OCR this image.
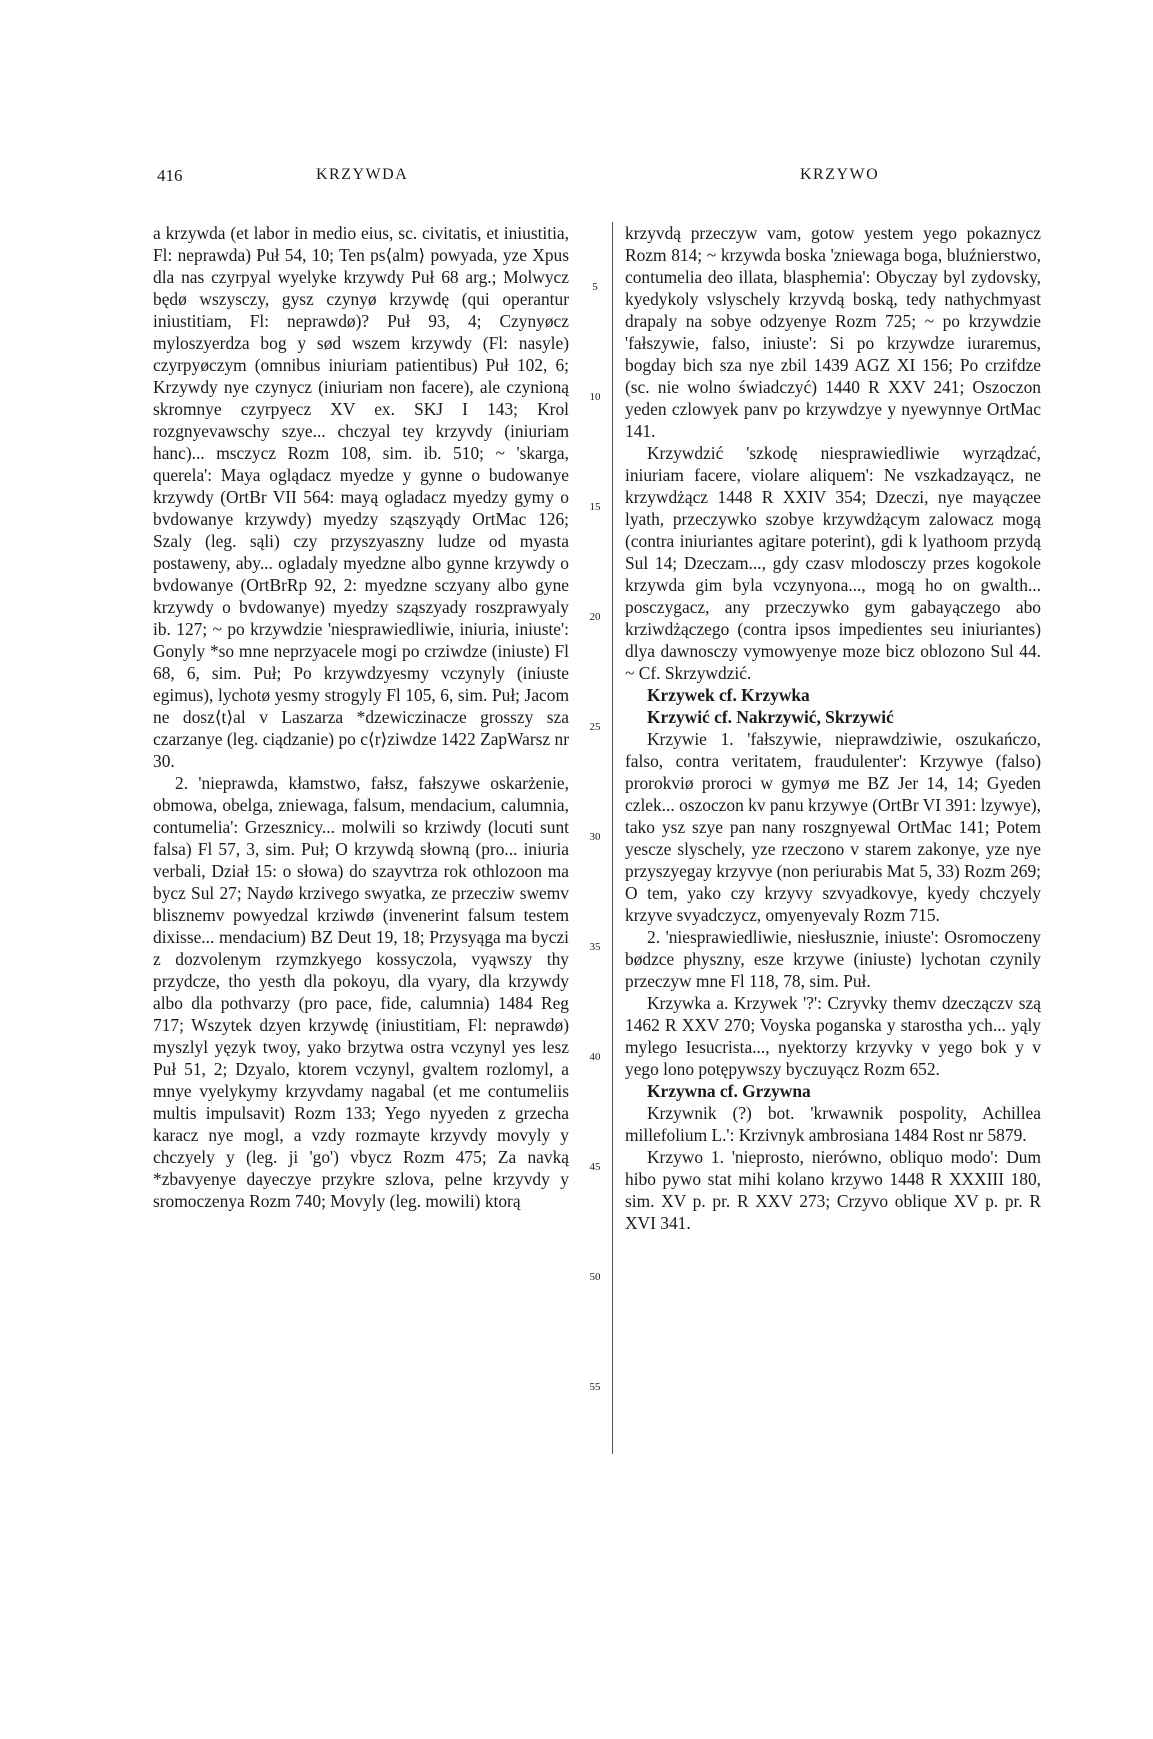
416	KRZYWDA	KRZYWO

a krzywda (et labor in medio eius, sc. civitatis, et iniustitia, Fl: neprawda) Puł 54, 10; Ten ps⟨alm⟩ powyada, yze Xpus dla nas czyrpyal wyelyke krzywdy Puł 68 arg.; Molwycz będø wszysczy, gysz czynyø krzywdę (qui operantur iniustitiam, Fl: neprawdø)? Puł 93, 4; Czynyøcz myloszyerdza bog y sød wszem krzywdy (Fl: nasyle) czyrpyøczym (omnibus iniuriam patientibus) Puł 102, 6; Krzywdy nye czynycz (iniuriam non facere), ale czynioną skromnye czyrpyecz XV ex. SKJ I 143; Krol rozgnyevawschy szye... chczyal tey krzyvdy (iniuriam hanc)... msczycz Rozm 108, sim. ib. 510; ~ 'skarga, querela': Maya oglądacz myedze y gynne o budowanye krzywdy (OrtBr VII 564: mayą ogladacz myedzy gymy o bvdowanye krzywdy) myedzy sząszyądy OrtMac 126; Szaly (leg. sąli) czy przyszyaszny ludze od myasta postaweny, aby... ogladaly myedzne albo gynne krzywdy o bvdowanye (OrtBrRp 92, 2: myedzne sczyany albo gyne krzywdy o bvdowanye) myedzy sząszyady roszprawyaly ib. 127; ~ po krzywdzie 'niesprawiedliwie, iniuria, iniuste': Gonyly *so mne neprzyacele mogi po crziwdze (iniuste) Fl 68, 6, sim. Puł; Po krzywdzyesmy vczynyly (iniuste egimus), lychotø yesmy strogyly Fl 105, 6, sim. Puł; Jacom ne dosz⟨t⟩al v Laszarza *dzewiczinacze grosszy sza czarzanye (leg. ciądzanie) po c⟨r⟩ziwdze 1422 ZapWarsz nr 30.

2. 'nieprawda, kłamstwo, fałsz, fałszywe oskarżenie, obmowa, obelga, zniewaga, falsum, mendacium, calumnia, contumelia': Grzesznicy... molwili so krziwdy (locuti sunt falsa) Fl 57, 3, sim. Puł; O krzywdą słowną (pro... iniuria verbali, Dział 15: o słowa) do szayvtrza rok othlozoon ma bycz Sul 27; Naydø krzivego swyatka, ze przecziw swemv blisznemv powyedzal krziwdø (invenerint falsum testem dixisse... mendacium) BZ Deut 19, 18; Przysyąga ma byczi z dozvolenym rzymzkyego kossyczola, vyąwszy thy przydcze, tho yesth dla pokoyu, dla vyary, dla krzywdy albo dla pothvarzy (pro pace, fide, calumnia) 1484 Reg 717; Wszytek dzyen krzywdę (iniustitiam, Fl: neprawdø) myszlyl yęzyk twoy, yako brzytwa ostra vczynyl yes lesz Puł 51, 2; Dzyalo, ktorem vczynyl, gvaltem rozlomyl, a mnye vyelykymy krzyvdamy nagabal (et me contumeliis multis impulsavit) Rozm 133; Yego nyyeden z grzecha karacz nye mogl, a vzdy rozmayte krzyvdy movyly y chczyely y (leg. ji 'go') vbycz Rozm 475; Za navką *zbavyenye dayeczye przykre szlova, pelne krzyvdy y sromoczenya Rozm 740; Movyly (leg. mowili) ktorą

5
10
15
20
25
30
35
40
45
50
55

krzyvdą przeczyw vam, gotow yestem yego pokaznycz Rozm 814; ~ krzywda boska 'zniewaga boga, bluźnierstwo, contumelia deo illata, blasphemia': Obyczay byl zydovsky, kyedykoly vslyschely krzyvdą boską, tedy nathychmyast drapaly na sobye odzyenye Rozm 725; ~ po krzywdzie 'fałszywie, falso, iniuste': Si po krzywdze iuraremus, bogday bich sza nye zbil 1439 AGZ XI 156; Po crzifdze (sc. nie wolno świadczyć) 1440 R XXV 241; Oszoczon yeden czlowyek panv po krzywdzye y nyewynnye OrtMac 141.

Krzywdzić 'szkodę niesprawiedliwie wyrządzać, iniuriam facere, violare aliquem': Ne vszkadzayącz, ne krzywdżącz 1448 R XXIV 354; Dzeczi, nye mayączee lyath, przeczywko szobye krzywdżącym zalowacz mogą (contra iniuriantes agitare poterint), gdi k lyathoom przydą Sul 14; Dzeczam..., gdy czasv mlodosczy przes kogokole krzywda gim byla vczynyona..., mogą ho on gwalth... posczygacz, any przeczywko gym gabayączego abo krziwdżączego (contra ipsos impedientes seu iniuriantes) dlya dawnosczy vymowyenye moze bicz oblozono Sul 44. ~ Cf. Skrzywdzić.

Krzywek cf. Krzywka

Krzywić cf. Nakrzywić, Skrzywić

Krzywie 1. 'fałszywie, nieprawdziwie, oszukańczo, falso, contra veritatem, fraudulenter': Krzywye (falso) prorokviø proroci w gymyø me BZ Jer 14, 14; Gyeden czlek... oszoczon kv panu krzywye (OrtBr VI 391: lzywye), tako ysz szye pan nany roszgnyewal OrtMac 141; Potem yescze slyschely, yze rzeczono v starem zakonye, yze nye przyszyegay krzyvye (non periurabis Mat 5, 33) Rozm 269; O tem, yako czy krzyvy szvyadkovye, kyedy chczyely krzyve svyadczycz, omyenyevaly Rozm 715.

2. 'niesprawiedliwie, niesłusznie, iniuste': Osromoczeny bødzce physzny, esze krzywe (iniuste) lychotan czynily przeczyw mne Fl 118, 78, sim. Puł.

Krzywka a. Krzywek '?': Czryvky themv dzeczączv szą 1462 R XXV 270; Voyska poganska y starostha ych... yąly mylego Iesucrista..., nyektorzy krzyvky v yego bok y v yego lono potępywszy byczuyącz Rozm 652.

Krzywna cf. Grzywna

Krzywnik (?) bot. 'krwawnik pospolity, Achillea millefolium L.': Krzivnyk ambrosiana 1484 Rost nr 5879.

Krzywo 1. 'nieprosto, nierówno, obliquo modo': Dum hibo pywo stat mihi kolano krzywo 1448 R XXXIII 180, sim. XV p. pr. R XXV 273; Crzyvo oblique XV p. pr. R XVI 341.
